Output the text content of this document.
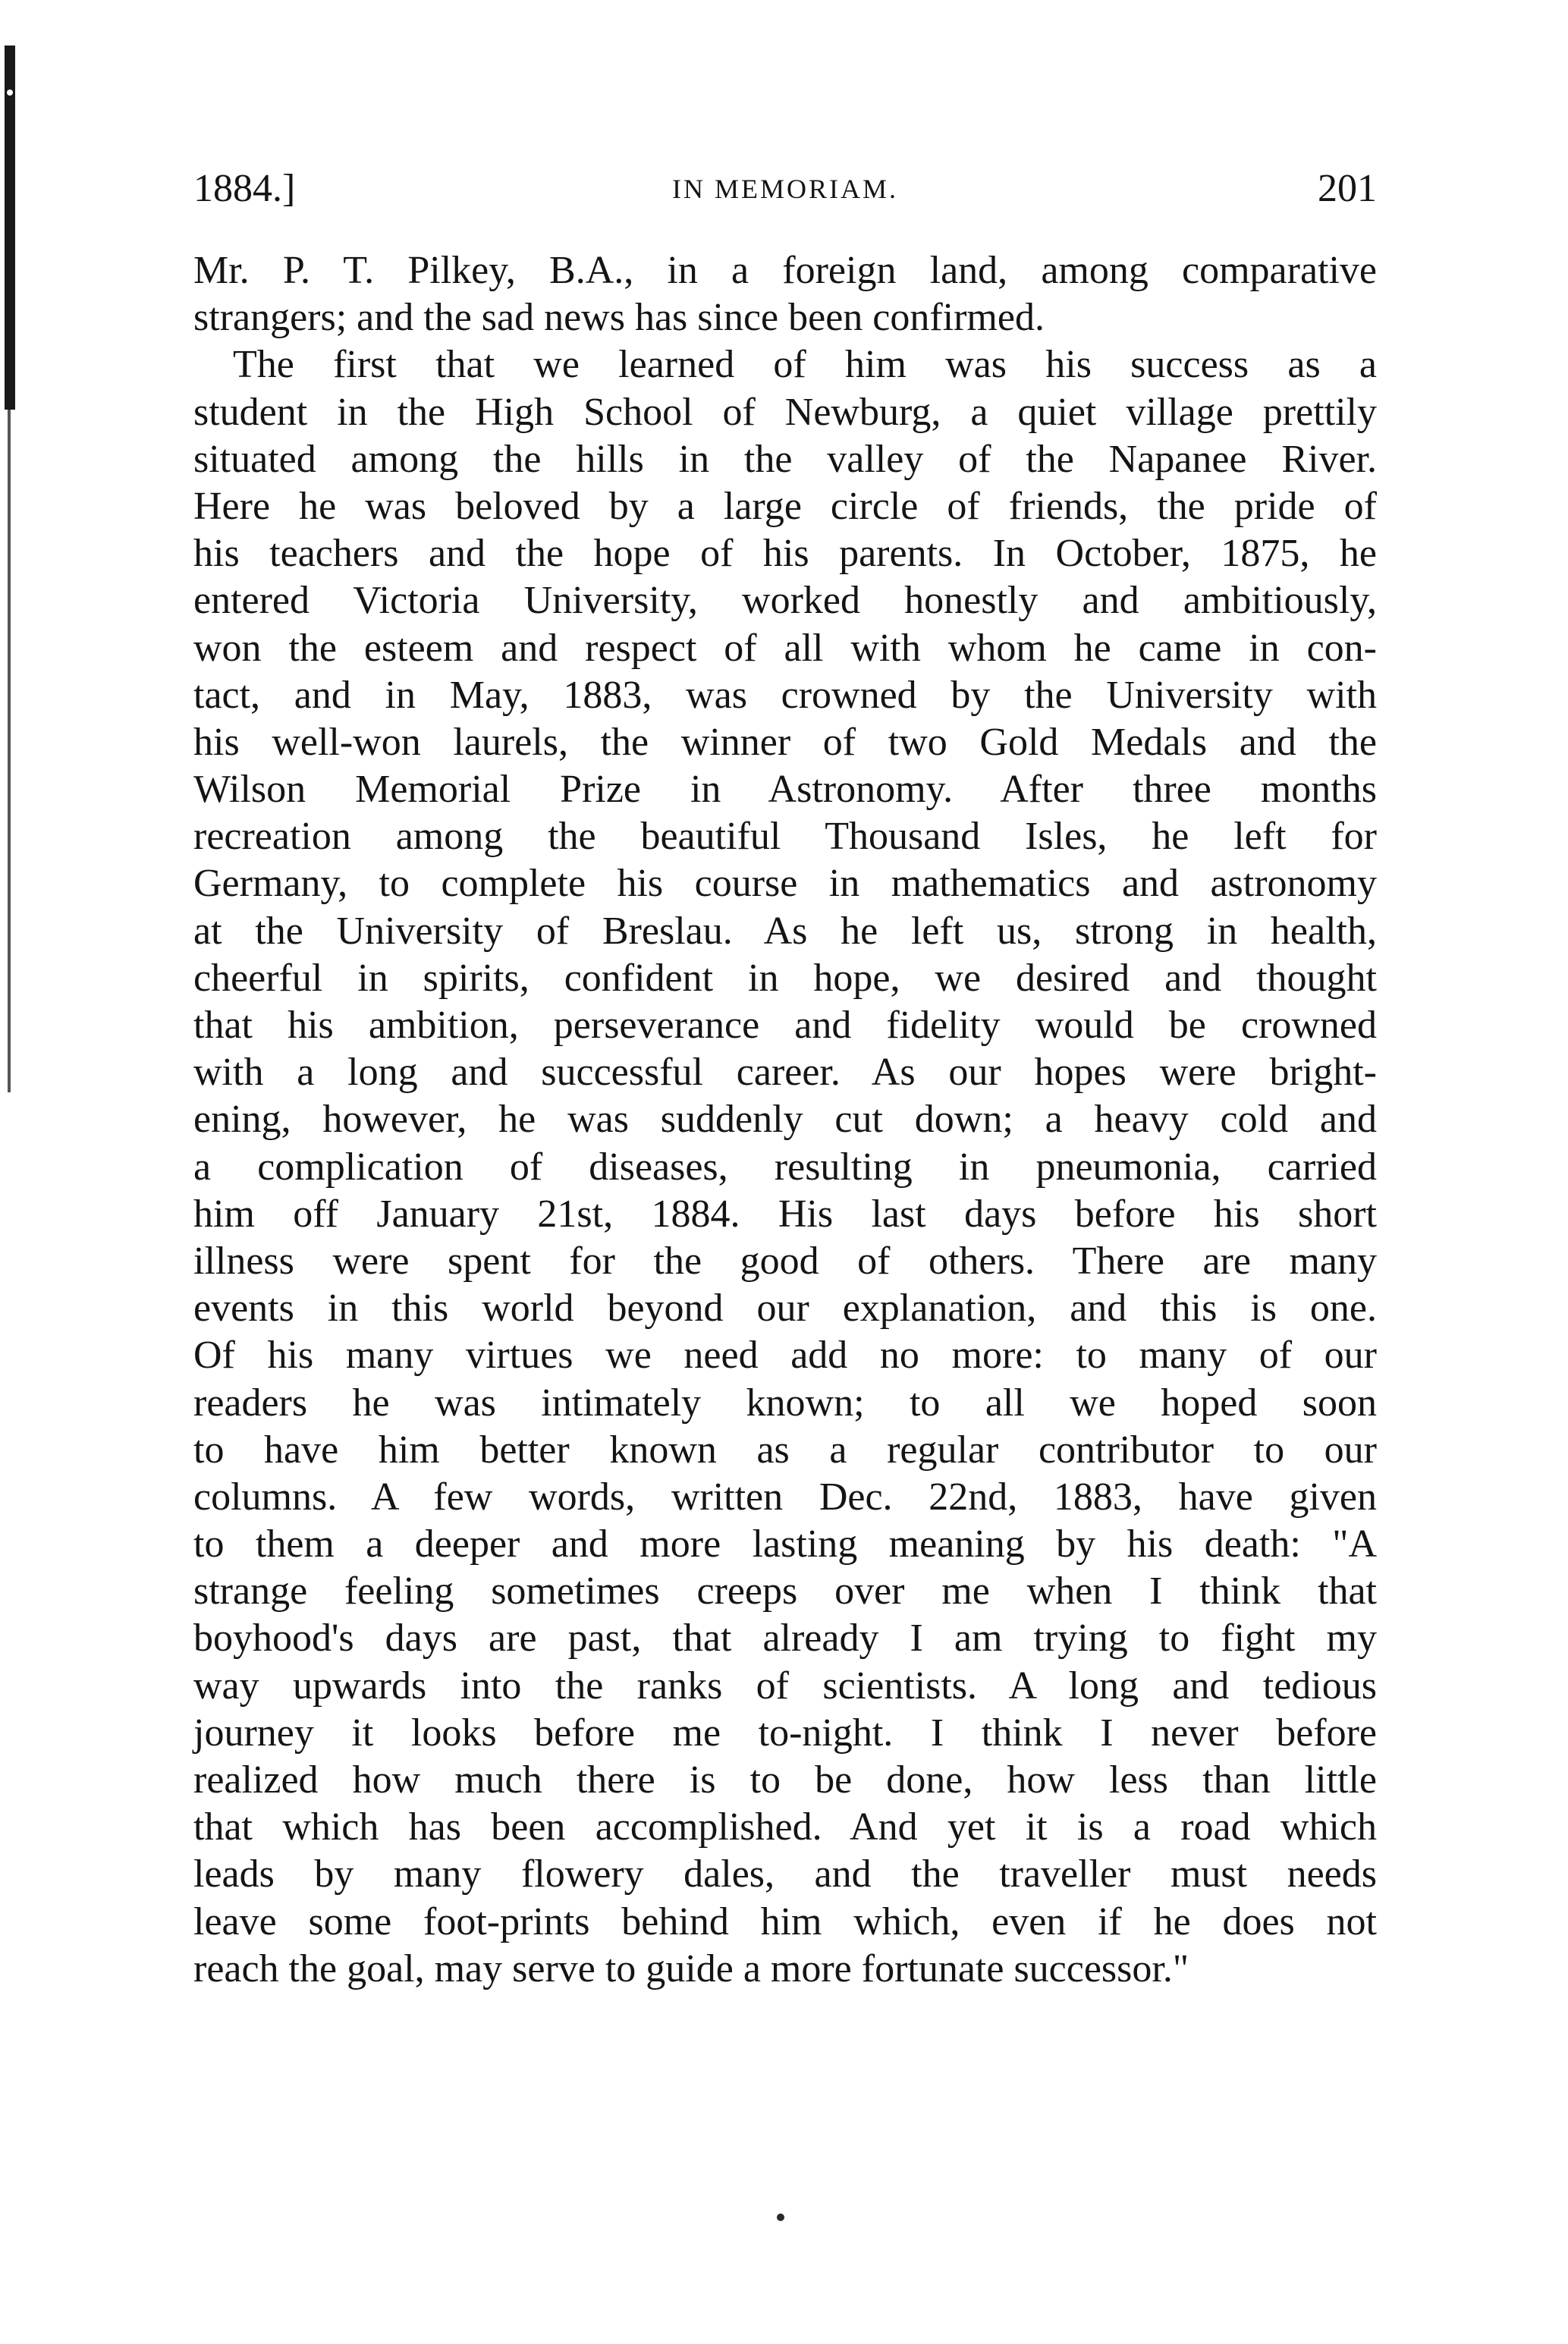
1884.]	IN MEMORIAM.	201
Mr. P. T. Pilkey, B.A., in a foreign land, among comparative
strangers; and the sad news has since been confirmed.
The first that we learned of him was his success as a
student in the High School of Newburg, a quiet village prettily
situated among the hills in the valley of the Napanee River.
Here he was beloved by a large circle of friends, the pride of
his teachers and the hope of his parents. In October, 1875, he
entered Victoria University, worked honestly and ambitiously,
won the esteem and respect of all with whom he came in con-
tact, and in May, 1883, was crowned by the University with
his well-won laurels, the winner of two Gold Medals and the
Wilson Memorial Prize in Astronomy. After three months
recreation among the beautiful Thousand Isles, he left for
Germany, to complete his course in mathematics and astronomy
at the University of Breslau. As he left us, strong in health,
cheerful in spirits, confident in hope, we desired and thought
that his ambition, perseverance and fidelity would be crowned
with a long and successful career. As our hopes were bright-
ening, however, he was suddenly cut down; a heavy cold and
a complication of diseases, resulting in pneumonia, carried
him off January 21st, 1884. His last days before his short
illness were spent for the good of others. There are many
events in this world beyond our explanation, and this is one.
Of his many virtues we need add no more: to many of our
readers he was intimately known; to all we hoped soon
to have him better known as a regular contributor to our
columns. A few words, written Dec. 22nd, 1883, have given
to them a deeper and more lasting meaning by his death: "A
strange feeling sometimes creeps over me when I think that
boyhood's days are past, that already I am trying to fight my
way upwards into the ranks of scientists. A long and tedious
journey it looks before me to-night. I think I never before
realized how much there is to be done, how less than little
that which has been accomplished. And yet it is a road which
leads by many flowery dales, and the traveller must needs
leave some foot-prints behind him which, even if he does not
reach the goal, may serve to guide a more fortunate successor."
